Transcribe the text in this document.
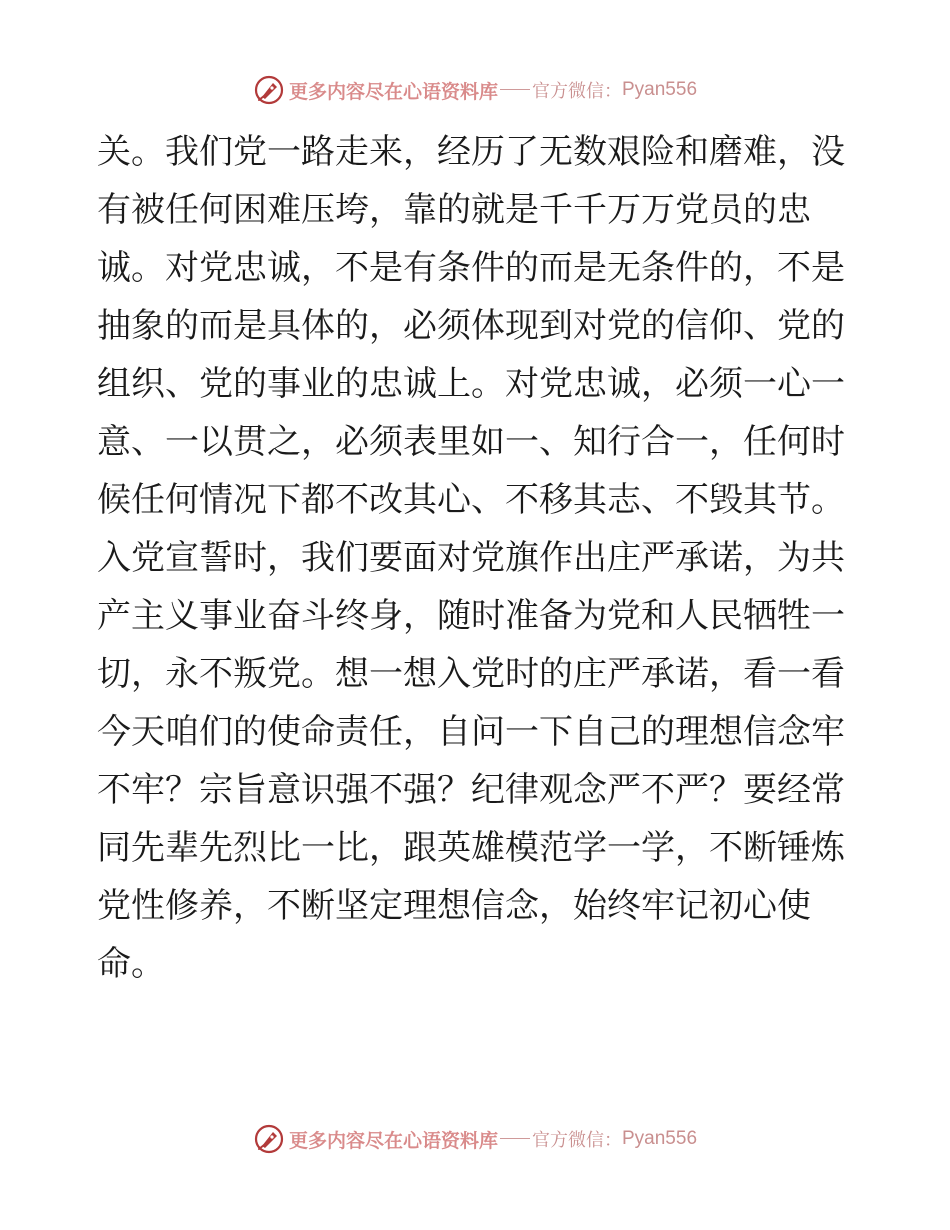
更多内容尽在心语资料库 官方微信： Pyan556
关。我们党一路走来，经历了无数艰险和磨难，没
有被任何困难压垮，靠的就是千千万万党员的忠
诚。对党忠诚，不是有条件的而是无条件的，不是
抽象的而是具体的，必须体现到对党的信仰、党的
组织、党的事业的忠诚上。对党忠诚，必须一心一
意、一以贯之，必须表里如一、知行合一，任何时
候任何情况下都不改其心、不移其志、不毁其节。
入党宣誓时，我们要面对党旗作出庄严承诺，为共
产主义事业奋斗终身，随时准备为党和人民牺牲一
切，永不叛党。想一想入党时的庄严承诺，看一看
今天咱们的使命责任，自问一下自己的理想信念牢
不牢？宗旨意识强不强？纪律观念严不严？要经常
同先辈先烈比一比，跟英雄模范学一学，不断锤炼
党性修养，不断坚定理想信念，始终牢记初心使
命。
更多内容尽在心语资料库 官方微信： Pyan556
